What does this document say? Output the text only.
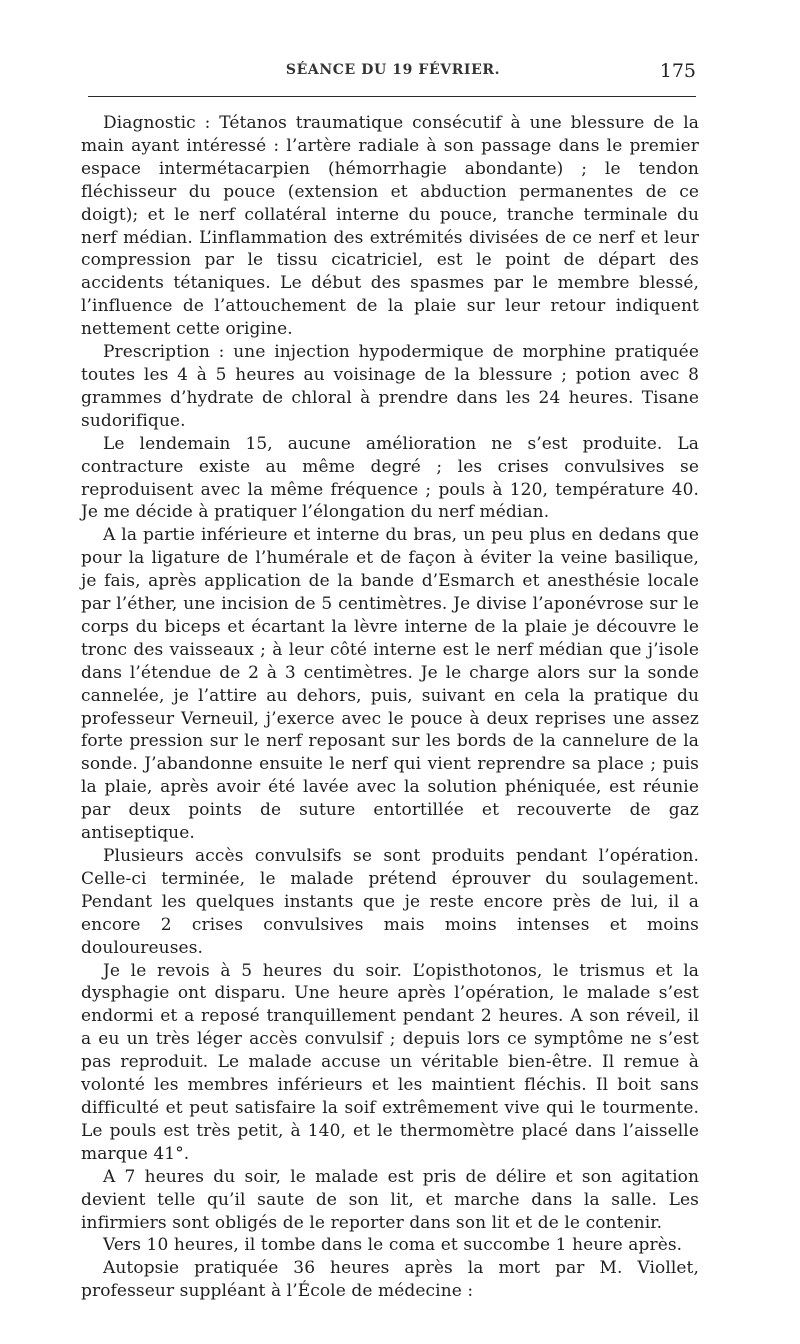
SÉANCE DU 19 FÉVRIER.	175

Diagnostic : Tétanos traumatique consécutif à une blessure de la main ayant intéressé : l’artère radiale à son passage dans le premier espace intermétacarpien (hémorrhagie abondante) ; le tendon fléchisseur du pouce (extension et abduction permanentes de ce doigt); et le nerf collatéral interne du pouce, tranche terminale du nerf médian. L’inflammation des extrémités divisées de ce nerf et leur compression par le tissu cicatriciel, est le point de départ des accidents tétaniques. Le début des spasmes par le membre blessé, l’influence de l’attouchement de la plaie sur leur retour indiquent nettement cette origine.

Prescription : une injection hypodermique de morphine pratiquée toutes les 4 à 5 heures au voisinage de la blessure ; potion avec 8 grammes d’hydrate de chloral à prendre dans les 24 heures. Tisane sudorifique.

Le lendemain 15, aucune amélioration ne s’est produite. La contracture existe au même degré ; les crises convulsives se reproduisent avec la même fréquence ; pouls à 120, température 40. Je me décide à pratiquer l’élongation du nerf médian.

A la partie inférieure et interne du bras, un peu plus en dedans que pour la ligature de l’humérale et de façon à éviter la veine basilique, je fais, après application de la bande d’Esmarch et anesthésie locale par l’éther, une incision de 5 centimètres. Je divise l’aponévrose sur le corps du biceps et écartant la lèvre interne de la plaie je découvre le tronc des vaisseaux ; à leur côté interne est le nerf médian que j’isole dans l’étendue de 2 à 3 centimètres. Je le charge alors sur la sonde cannelée, je l’attire au dehors, puis, suivant en cela la pratique du professeur Verneuil, j’exerce avec le pouce à deux reprises une assez forte pression sur le nerf reposant sur les bords de la cannelure de la sonde. J’abandonne ensuite le nerf qui vient reprendre sa place ; puis la plaie, après avoir été lavée avec la solution phéniquée, est réunie par deux points de suture entortillée et recouverte de gaz antiseptique.

Plusieurs accès convulsifs se sont produits pendant l’opération. Celle-ci terminée, le malade prétend éprouver du soulagement. Pendant les quelques instants que je reste encore près de lui, il a encore 2 crises convulsives mais moins intenses et moins douloureuses.

Je le revois à 5 heures du soir. L’opisthotonos, le trismus et la dysphagie ont disparu. Une heure après l’opération, le malade s’est endormi et a reposé tranquillement pendant 2 heures. A son réveil, il a eu un très léger accès convulsif ; depuis lors ce symptôme ne s’est pas reproduit. Le malade accuse un véritable bien-être. Il remue à volonté les membres inférieurs et les maintient fléchis. Il boit sans difficulté et peut satisfaire la soif extrêmement vive qui le tourmente. Le pouls est très petit, à 140, et le thermomètre placé dans l’aisselle marque 41°.

A 7 heures du soir, le malade est pris de délire et son agitation devient telle qu’il saute de son lit, et marche dans la salle. Les infirmiers sont obligés de le reporter dans son lit et de le contenir.

Vers 10 heures, il tombe dans le coma et succombe 1 heure après.

Autopsie pratiquée 36 heures après la mort par M. Viollet, professeur suppléant à l’École de médecine :
